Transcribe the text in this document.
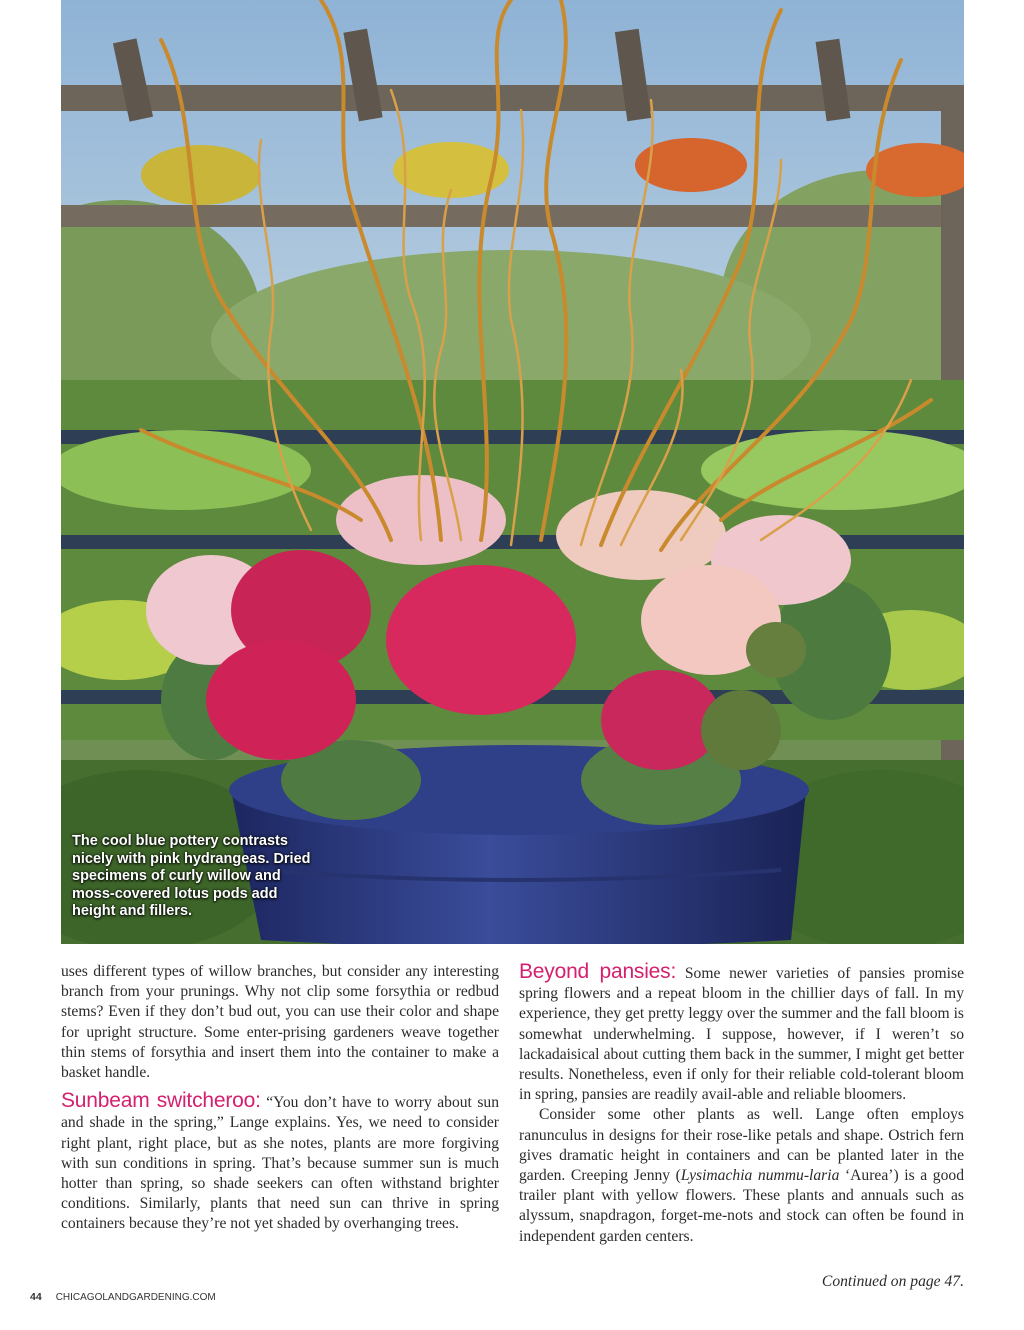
The cool blue pottery contrasts nicely with pink hydrangeas. Dried specimens of curly willow and moss-covered lotus pods add height and fillers.

uses different types of willow branches, but consider any interesting branch from your prunings. Why not clip some forsythia or redbud stems? Even if they don’t bud out, you can use their color and shape for upright structure. Some enter-prising gardeners weave together thin stems of forsythia and insert them into the container to make a basket handle.

Sunbeam switcheroo: “You don’t have to worry about sun and shade in the spring,” Lange explains. Yes, we need to consider right plant, right place, but as she notes, plants are more forgiving with sun conditions in spring. That’s because summer sun is much hotter than spring, so shade seekers can often withstand brighter conditions. Similarly, plants that need sun can thrive in spring containers because they’re not yet shaded by overhanging trees.

Beyond pansies: Some newer varieties of pansies promise spring flowers and a repeat bloom in the chillier days of fall. In my experience, they get pretty leggy over the summer and the fall bloom is somewhat underwhelming. I suppose, however, if I weren’t so lackadaisical about cutting them back in the summer, I might get better results. Nonetheless, even if only for their reliable cold-tolerant bloom in spring, pansies are readily avail-able and reliable bloomers.

Consider some other plants as well. Lange often employs ranunculus in designs for their rose-like petals and shape. Ostrich fern gives dramatic height in containers and can be planted later in the garden. Creeping Jenny (Lysimachia nummu-laria ‘Aurea’) is a good trailer plant with yellow flowers. These plants and annuals such as alyssum, snapdragon, forget-me-nots and stock can often be found in independent garden centers.

Continued on page 47.
44 CHICAGOLANDGARDENING.COM
